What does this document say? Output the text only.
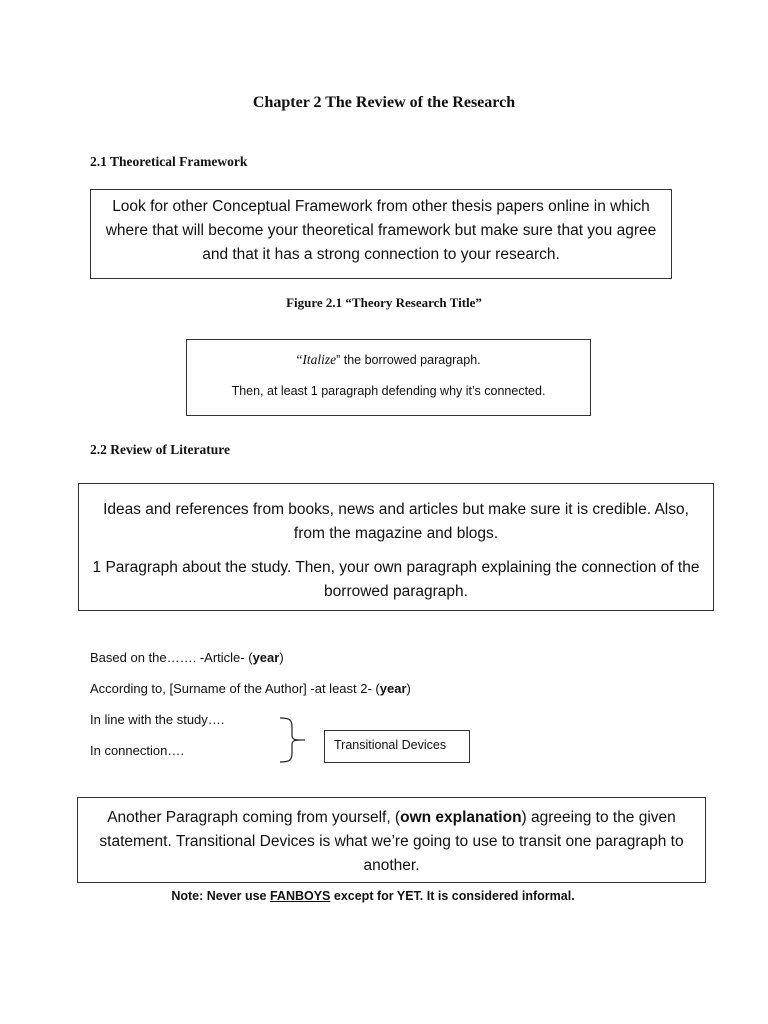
Chapter 2 The Review of the Research
2.1 Theoretical Framework

Look for other Conceptual Framework from other thesis papers online in which where that will become your theoretical framework but make sure that you agree and that it has a strong connection to your research.

Figure 2.1 “Theory Research Title”

“Italize” the borrowed paragraph.

Then, at least 1 paragraph defending why it’s connected.

2.2 Review of Literature

Ideas and references from books, news and articles but make sure it is credible. Also, from the magazine and blogs.

1 Paragraph about the study. Then, your own paragraph explaining the connection of the borrowed paragraph.

Based on the……. -Article- (year)
According to, [Surname of the Author] -at least 2- (year)
In line with the study….
In connection….	Transitional Devices

Another Paragraph coming from yourself, (own explanation) agreeing to the given statement. Transitional Devices is what we’re going to use to transit one paragraph to another.

Note: Never use FANBOYS except for YET. It is considered informal.
